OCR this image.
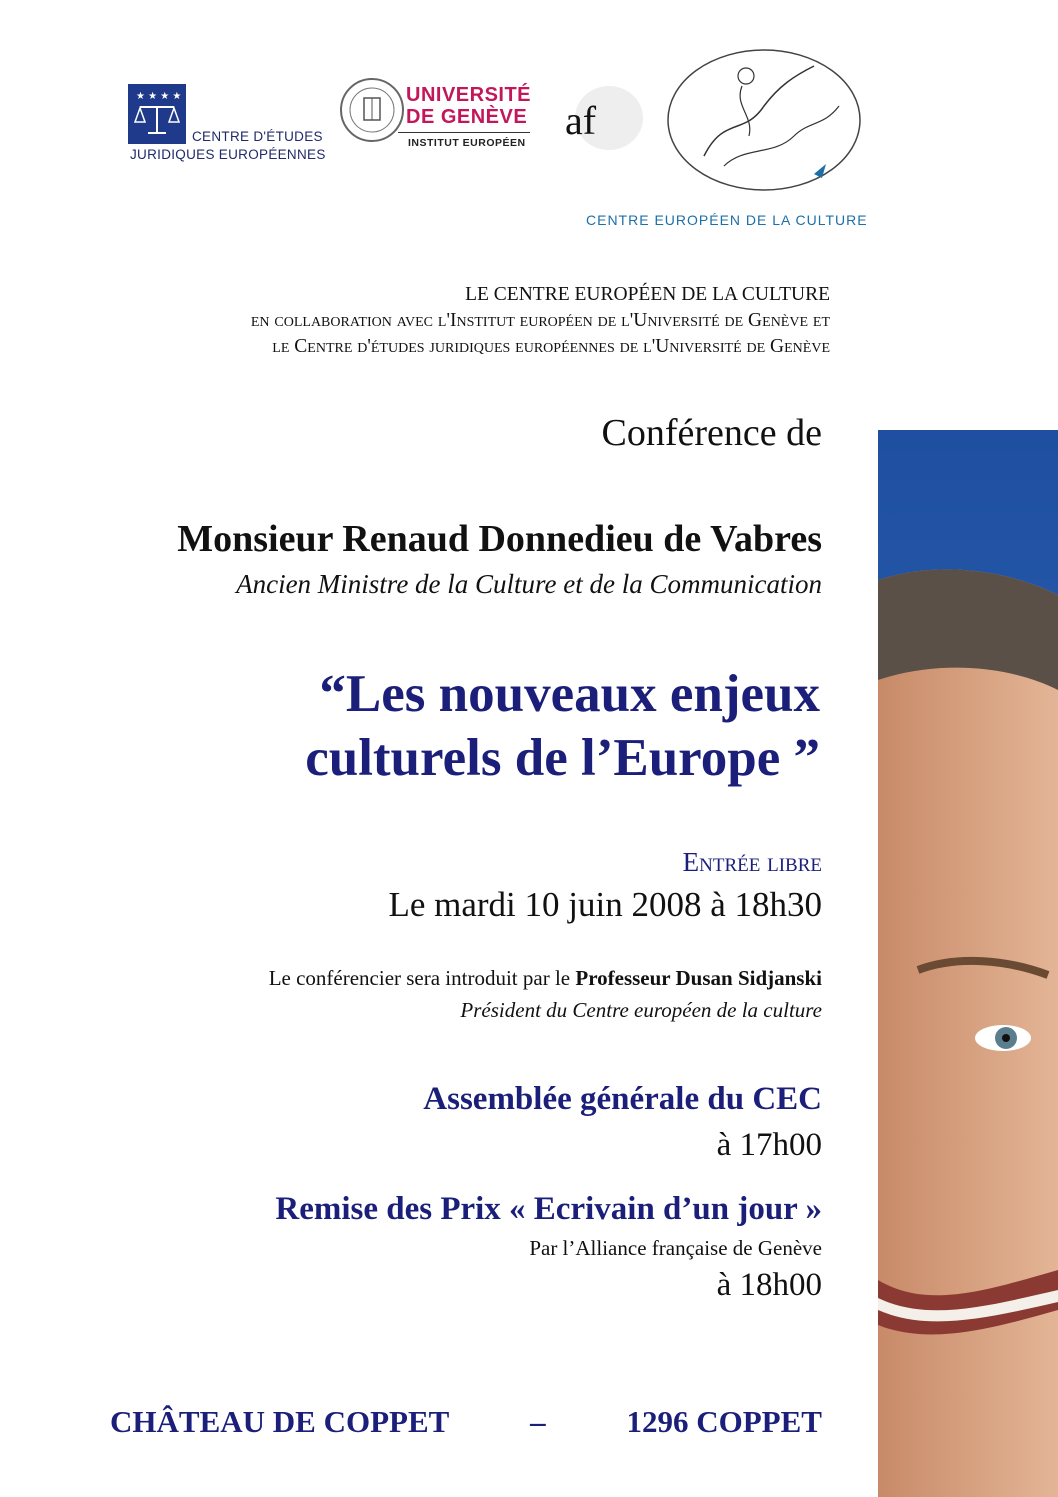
★ ★ ★ ★
CENTRE D'ÉTUDES
JURIDIQUES EUROPÉENNES
UNIVERSITÉ
DE GENÈVE
INSTITUT EUROPÉEN af
CENTRE EUROPÉEN DE LA CULTURE
LE CENTRE EUROPÉEN DE LA CULTURE
en collaboration avec l'Institut européen de l'Université de Genève et
le Centre d'études juridiques européennes de l'Université de Genève
Conférence de
Monsieur Renaud Donnedieu de Vabres
Ancien Ministre de la Culture et de la Communication
“Les nouveaux enjeux
culturels de l’Europe ”
Entrée libre
Le mardi 10 juin 2008 à 18h30
Le conférencier sera introduit par le Professeur Dusan Sidjanski
Président du Centre européen de la culture
Assemblée générale du CEC
à 17h00
Remise des Prix « Ecrivain d’un jour »
Par l’Alliance française de Genève
à 18h00
CHÂTEAU DE COPPET	–	1296 COPPET
